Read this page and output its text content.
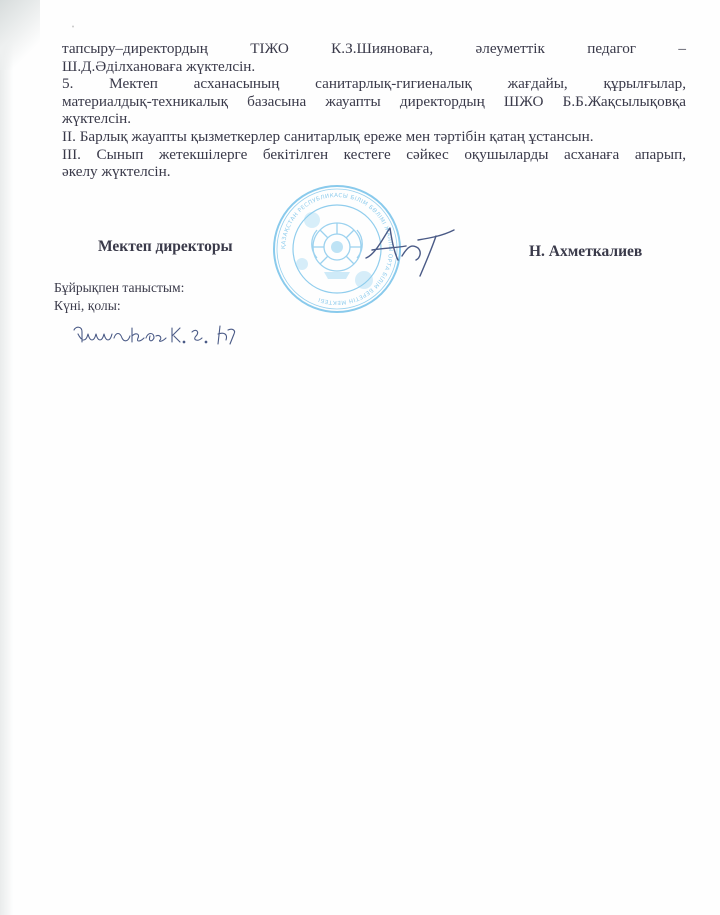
тапсыру–директордың ТІЖО К.З.Шияноваға, әлеуметтік педагог –

Ш.Д.Әділхановаға жүктелсін.

5. Мектеп асханасының санитарлық-гигиеналық жағдайы, құрылғылар,

материалдық-техникалық базасына жауапты директордың ШЖО Б.Б.Жақсылықовқа

жүктелсін.

ІІ. Барлық жауапты қызметкерлер санитарлық ереже мен тәртібін қатаң ұстансын.

ІІІ. Сынып жетекшілерге бекітілген кестеге сәйкес оқушыларды асханаға апарып,

әкелу жүктелсін.

ҚАЗАҚСТАН РЕСПУБЛИКАСЫ БІЛІМ БӨЛІМІ ЖАЛПЫ ОРТА БІЛІМ БЕРЕТІН МЕКТЕБІ
Мектеп директоры	Н. Ахметкалиев
Бұйрықпен таныстым:
Күні, қолы:
